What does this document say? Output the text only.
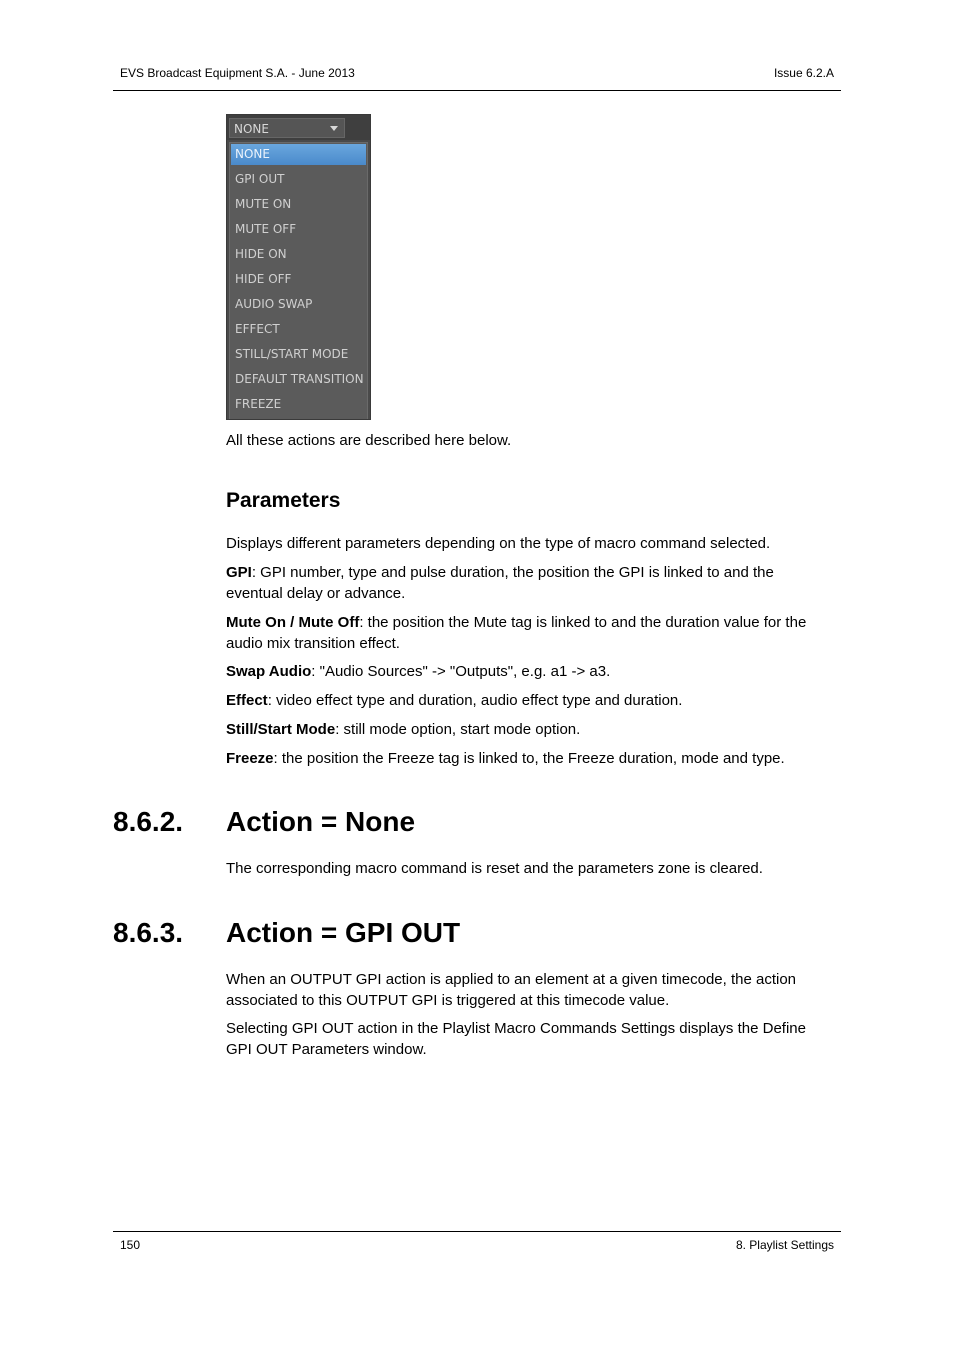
EVS Broadcast Equipment S.A. - June 2013	Issue 6.2.A
NONE
NONE
GPI OUT
MUTE ON
MUTE OFF
HIDE ON
HIDE OFF
AUDIO SWAP
EFFECT
STILL/START MODE
DEFAULT TRANSITION
FREEZE
All these actions are described here below.
Parameters
Displays different parameters depending on the type of macro command selected.
GPI: GPI number, type and pulse duration, the position the GPI is linked to and the eventual delay or advance.
Mute On / Mute Off: the position the Mute tag is linked to and the duration value for the audio mix transition effect.
Swap Audio: "Audio Sources" -> "Outputs", e.g. a1 -> a3.
Effect: video effect type and duration, audio effect type and duration.
Still/Start Mode: still mode option, start mode option.
Freeze: the position the Freeze tag is linked to, the Freeze duration, mode and type.
8.6.2. Action = None
The corresponding macro command is reset and the parameters zone is cleared.
8.6.3. Action = GPI OUT
When an OUTPUT GPI action is applied to an element at a given timecode, the action associated to this OUTPUT GPI is triggered at this timecode value.
Selecting GPI OUT action in the Playlist Macro Commands Settings displays the Define GPI OUT Parameters window.
150	8. Playlist Settings
